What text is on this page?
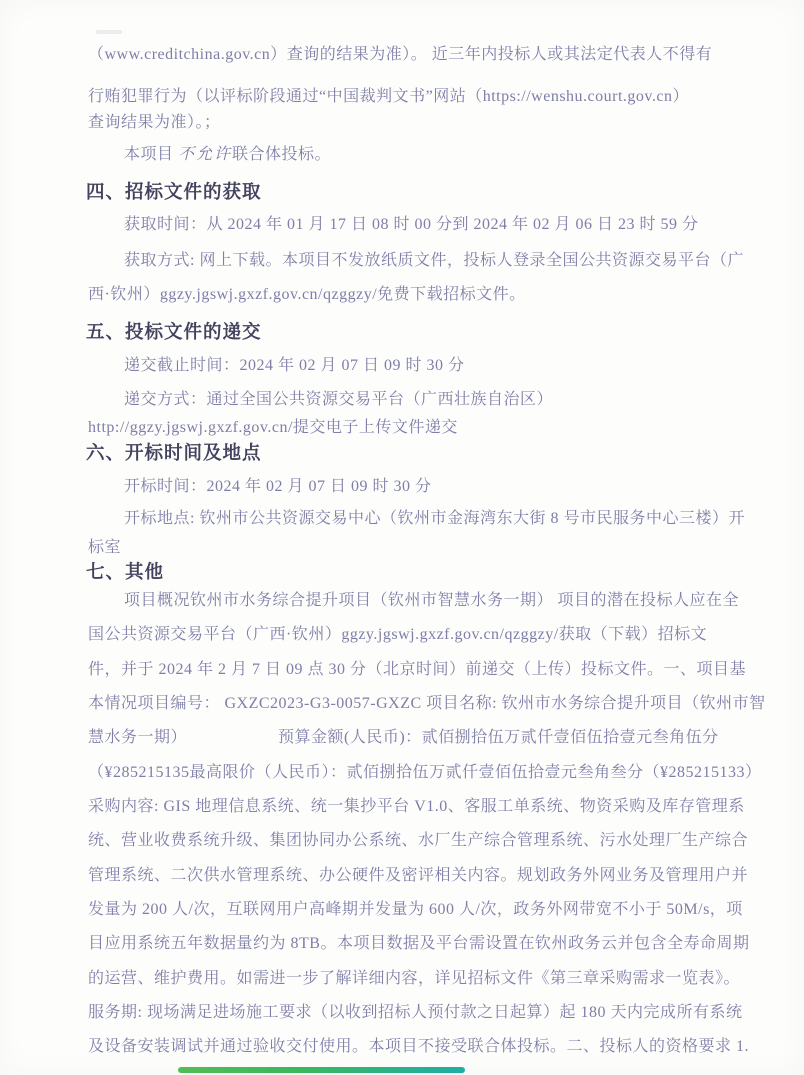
（www.creditchina.gov.cn）查询的结果为准）。 近三年内投标人或其法定代表人不得有
行贿犯罪行为（以评标阶段通过“中国裁判文书”网站（https://wenshu.court.gov.cn）
查询结果为准）。；
本项目 不允许联合体投标。
四、招标文件的获取
获取时间：从 2024 年 01 月 17 日 08 时 00 分到 2024 年 02 月 06 日 23 时 59 分
获取方式: 网上下载。本项目不发放纸质文件，投标人登录全国公共资源交易平台（广
西·钦州）ggzy.jgswj.gxzf.gov.cn/qzggzy/免费下载招标文件。
五、投标文件的递交
递交截止时间：2024 年 02 月 07 日 09 时 30 分
递交方式：通过全国公共资源交易平台（广西壮族自治区）
http://ggzy.jgswj.gxzf.gov.cn/提交电子上传文件递交
六、开标时间及地点
开标时间：2024 年 02 月 07 日 09 时 30 分
开标地点: 钦州市公共资源交易中心（钦州市金海湾东大街 8 号市民服务中心三楼）开
标室
七、其他
项目概况钦州市水务综合提升项目（钦州市智慧水务一期） 项目的潜在投标人应在全
国公共资源交易平台（广西·钦州）ggzy.jgswj.gxzf.gov.cn/qzggzy/获取（下载）招标文
件，并于 2024 年 2 月 7 日 09 点 30 分（北京时间）前递交（上传）投标文件。一、项目基
本情况项目编号： GXZC2023-G3-0057-GXZC 项目名称: 钦州市水务综合提升项目（钦州市智
慧水务一期）　　　　　　预算金额(人民币)：贰佰捌拾伍万贰仟壹佰伍拾壹元叁角伍分
（¥285215135最高限价（人民币）：贰佰捌拾伍万贰仟壹佰伍拾壹元叁角叁分（¥285215133）
采购内容: GIS 地理信息系统、统一集抄平台 V1.0、客服工单系统、物资采购及库存管理系
统、营业收费系统升级、集团协同办公系统、水厂生产综合管理系统、污水处理厂生产综合
管理系统、二次供水管理系统、办公硬件及密评相关内容。规划政务外网业务及管理用户并
发量为 200 人/次，互联网用户高峰期并发量为 600 人/次，政务外网带宽不小于 50M/s，项
目应用系统五年数据量约为 8TB。本项目数据及平台需设置在钦州政务云并包含全寿命周期
的运营、维护费用。如需进一步了解详细内容，详见招标文件《第三章采购需求一览表》。
服务期: 现场满足进场施工要求（以收到招标人预付款之日起算）起 180 天内完成所有系统
及设备安装调试并通过验收交付使用。本项目不接受联合体投标。二、投标人的资格要求 1.
